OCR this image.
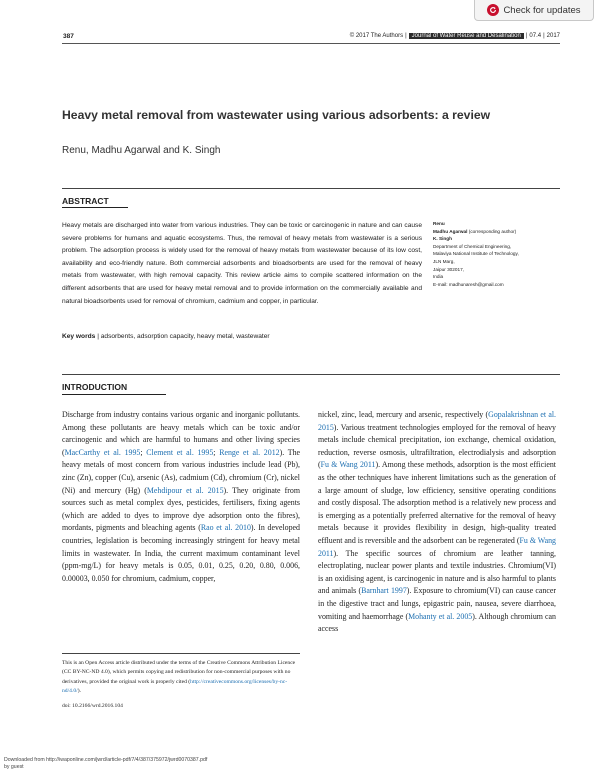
Check for updates
387	© 2017 The Authors | Journal of Water Reuse and Desalination | 07.4 | 2017
Heavy metal removal from wastewater using various adsorbents: a review
Renu, Madhu Agarwal and K. Singh
ABSTRACT

Heavy metals are discharged into water from various industries. They can be toxic or carcinogenic in nature and can cause severe problems for humans and aquatic ecosystems. Thus, the removal of heavy metals from wastewater is a serious problem. The adsorption process is widely used for the removal of heavy metals from wastewater because of its low cost, availability and eco-friendly nature. Both commercial adsorbents and bioadsorbents are used for the removal of heavy metals from wastewater, with high removal capacity. This review article aims to compile scattered information on the different adsorbents that are used for heavy metal removal and to provide information on the commercially available and natural bioadsorbents used for removal of chromium, cadmium and copper, in particular.

Key words | adsorbents, adsorption capacity, heavy metal, wastewater

Renu
Madhu Agarwal (corresponding author)
K. Singh
Department of Chemical Engineering,
Malaviya National Institute of Technology,
JLN Marg,
Jaipur 302017,
India
E-mail: madhunaresh@gmail.com
INTRODUCTION

Discharge from industry contains various organic and inorganic pollutants. Among these pollutants are heavy metals which can be toxic and/or carcinogenic and which are harmful to humans and other living species (MacCarthy et al. 1995; Clement et al. 1995; Renge et al. 2012). The heavy metals of most concern from various industries include lead (Pb), zinc (Zn), copper (Cu), arsenic (As), cadmium (Cd), chromium (Cr), nickel (Ni) and mercury (Hg) (Mehdipour et al. 2015). They originate from sources such as metal complex dyes, pesticides, fertilisers, fixing agents (which are added to dyes to improve dye adsorption onto the fibres), mordants, pigments and bleaching agents (Rao et al. 2010). In developed countries, legislation is becoming increasingly stringent for heavy metal limits in wastewater. In India, the current maximum contaminant level (ppm-mg/L) for heavy metals is 0.05, 0.01, 0.25, 0.20, 0.80, 0.006, 0.00003, 0.050 for chromium, cadmium, copper,

nickel, zinc, lead, mercury and arsenic, respectively (Gopalakrishnan et al. 2015). Various treatment technologies employed for the removal of heavy metals include chemical precipitation, ion exchange, chemical oxidation, reduction, reverse osmosis, ultrafiltration, electrodialysis and adsorption (Fu & Wang 2011). Among these methods, adsorption is the most efficient as the other techniques have inherent limitations such as the generation of a large amount of sludge, low efficiency, sensitive operating conditions and costly disposal. The adsorption method is a relatively new process and is emerging as a potentially preferred alternative for the removal of heavy metals because it provides flexibility in design, high-quality treated effluent and is reversible and the adsorbent can be regenerated (Fu & Wang 2011). The specific sources of chromium are leather tanning, electroplating, nuclear power plants and textile industries. Chromium(VI) is an oxidising agent, is carcinogenic in nature and is also harmful to plants and animals (Barnhart 1997). Exposure to chromium(VI) can cause cancer in the digestive tract and lungs, epigastric pain, nausea, severe diarrhoea, vomiting and haemorrhage (Mohanty et al. 2005). Although chromium can access

This is an Open Access article distributed under the terms of the Creative Commons Attribution Licence (CC BY-NC-ND 4.0), which permits copying and redistribution for non-commercial purposes with no derivatives, provided the original work is properly cited (http://creativecommons.org/licenses/by-nc-nd/4.0/).

doi: 10.2166/wrd.2016.104
Downloaded from http://iwaponline.com/jwrd/article-pdf/7/4/387/375972/jwrd0070387.pdf
by guest
